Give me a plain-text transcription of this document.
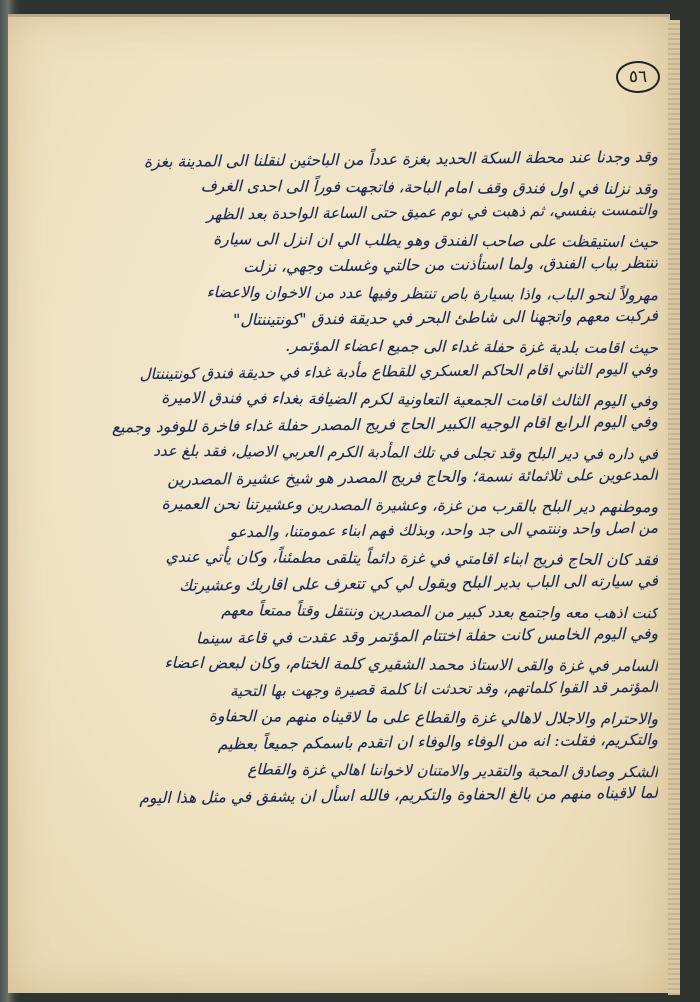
٥٦
وقد وجدنا عند محطة السكة الحديد بغزة عدداً من الباحثين لنقلنا الى المدينة بغزة
وقد نزلنا في اول فندق وقف امام الباحة، فاتجهت فوراً الى احدى الغرف
والتمست بنفسي، ثم ذهبت في نوم عميق حتى الساعة الواحدة بعد الظهر
حيث استيقظت على صاحب الفندق وهو يطلب الي ان انزل الى سيارة
تنتظر بباب الفندق، ولما استأذنت من حالتي وغسلت وجهي، نزلت
مهرولاً لنحو الباب، واذا بسيارة باص تنتظر وفيها عدد من الاخوان والاعضاء
فركبت معهم واتجهنا الى شاطئ البحر في حديقة فندق "كونتيننتال"
حيث اقامت بلدية غزة حفلة غداء الى جميع اعضاء المؤتمر.
وفي اليوم الثاني اقام الحاكم العسكري للقطاع مأدبة غداء في حديقة فندق كونتيننتال
وفي اليوم الثالث اقامت الجمعية التعاونية لكرم الضيافة بغداء في فندق الاميرة
وفي اليوم الرابع اقام الوجيه الكبير الحاج فريج المصدر حفلة غداء فاخرة للوفود وجميع
في داره في دير البلح وقد تجلى في تلك المأدبة الكرم العربي الاصيل، فقد بلغ عدد
المدعوين على ثلاثمائة نسمة؛ والحاج فريج المصدر هو شيخ عشيرة المصدرين
وموطنهم دير البلح بالقرب من غزة، وعشيرة المصدرين وعشيرتنا نحن العميرة
من اصل واحد وننتمي الى جد واحد، وبذلك فهم ابناء عمومتنا، والمدعو
فقد كان الحاج فريج ابناء اقامتي في غزة دائماً يتلقى مطمئناً، وكان يأتي عندي
في سيارته الى الباب بدير البلح ويقول لي كي تتعرف على اقاربك وعشيرتك
كنت اذهب معه واجتمع بعدد كبير من المصدرين وننتقل وقتاً ممتعاً معهم
وفي اليوم الخامس كانت حفلة اختتام المؤتمر وقد عقدت في قاعة سينما
السامر في غزة والقى الاستاذ محمد الشقيري كلمة الختام، وكان لبعض اعضاء
المؤتمر قد القوا كلماتهم، وقد تحدثت انا كلمة قصيرة وجهت بها التحية
والاحترام والاجلال لاهالي غزة والقطاع على ما لاقيناه منهم من الحفاوة
والتكريم، فقلت: انه من الوفاء والوفاء ان اتقدم باسمكم جميعاً بعظيم
الشكر وصادق المحبة والتقدير والامتنان لاخواننا اهالي غزة والقطاع
لما لاقيناه منهم من بالغ الحفاوة والتكريم، فالله اسأل ان يشفق في مثل هذا اليوم
